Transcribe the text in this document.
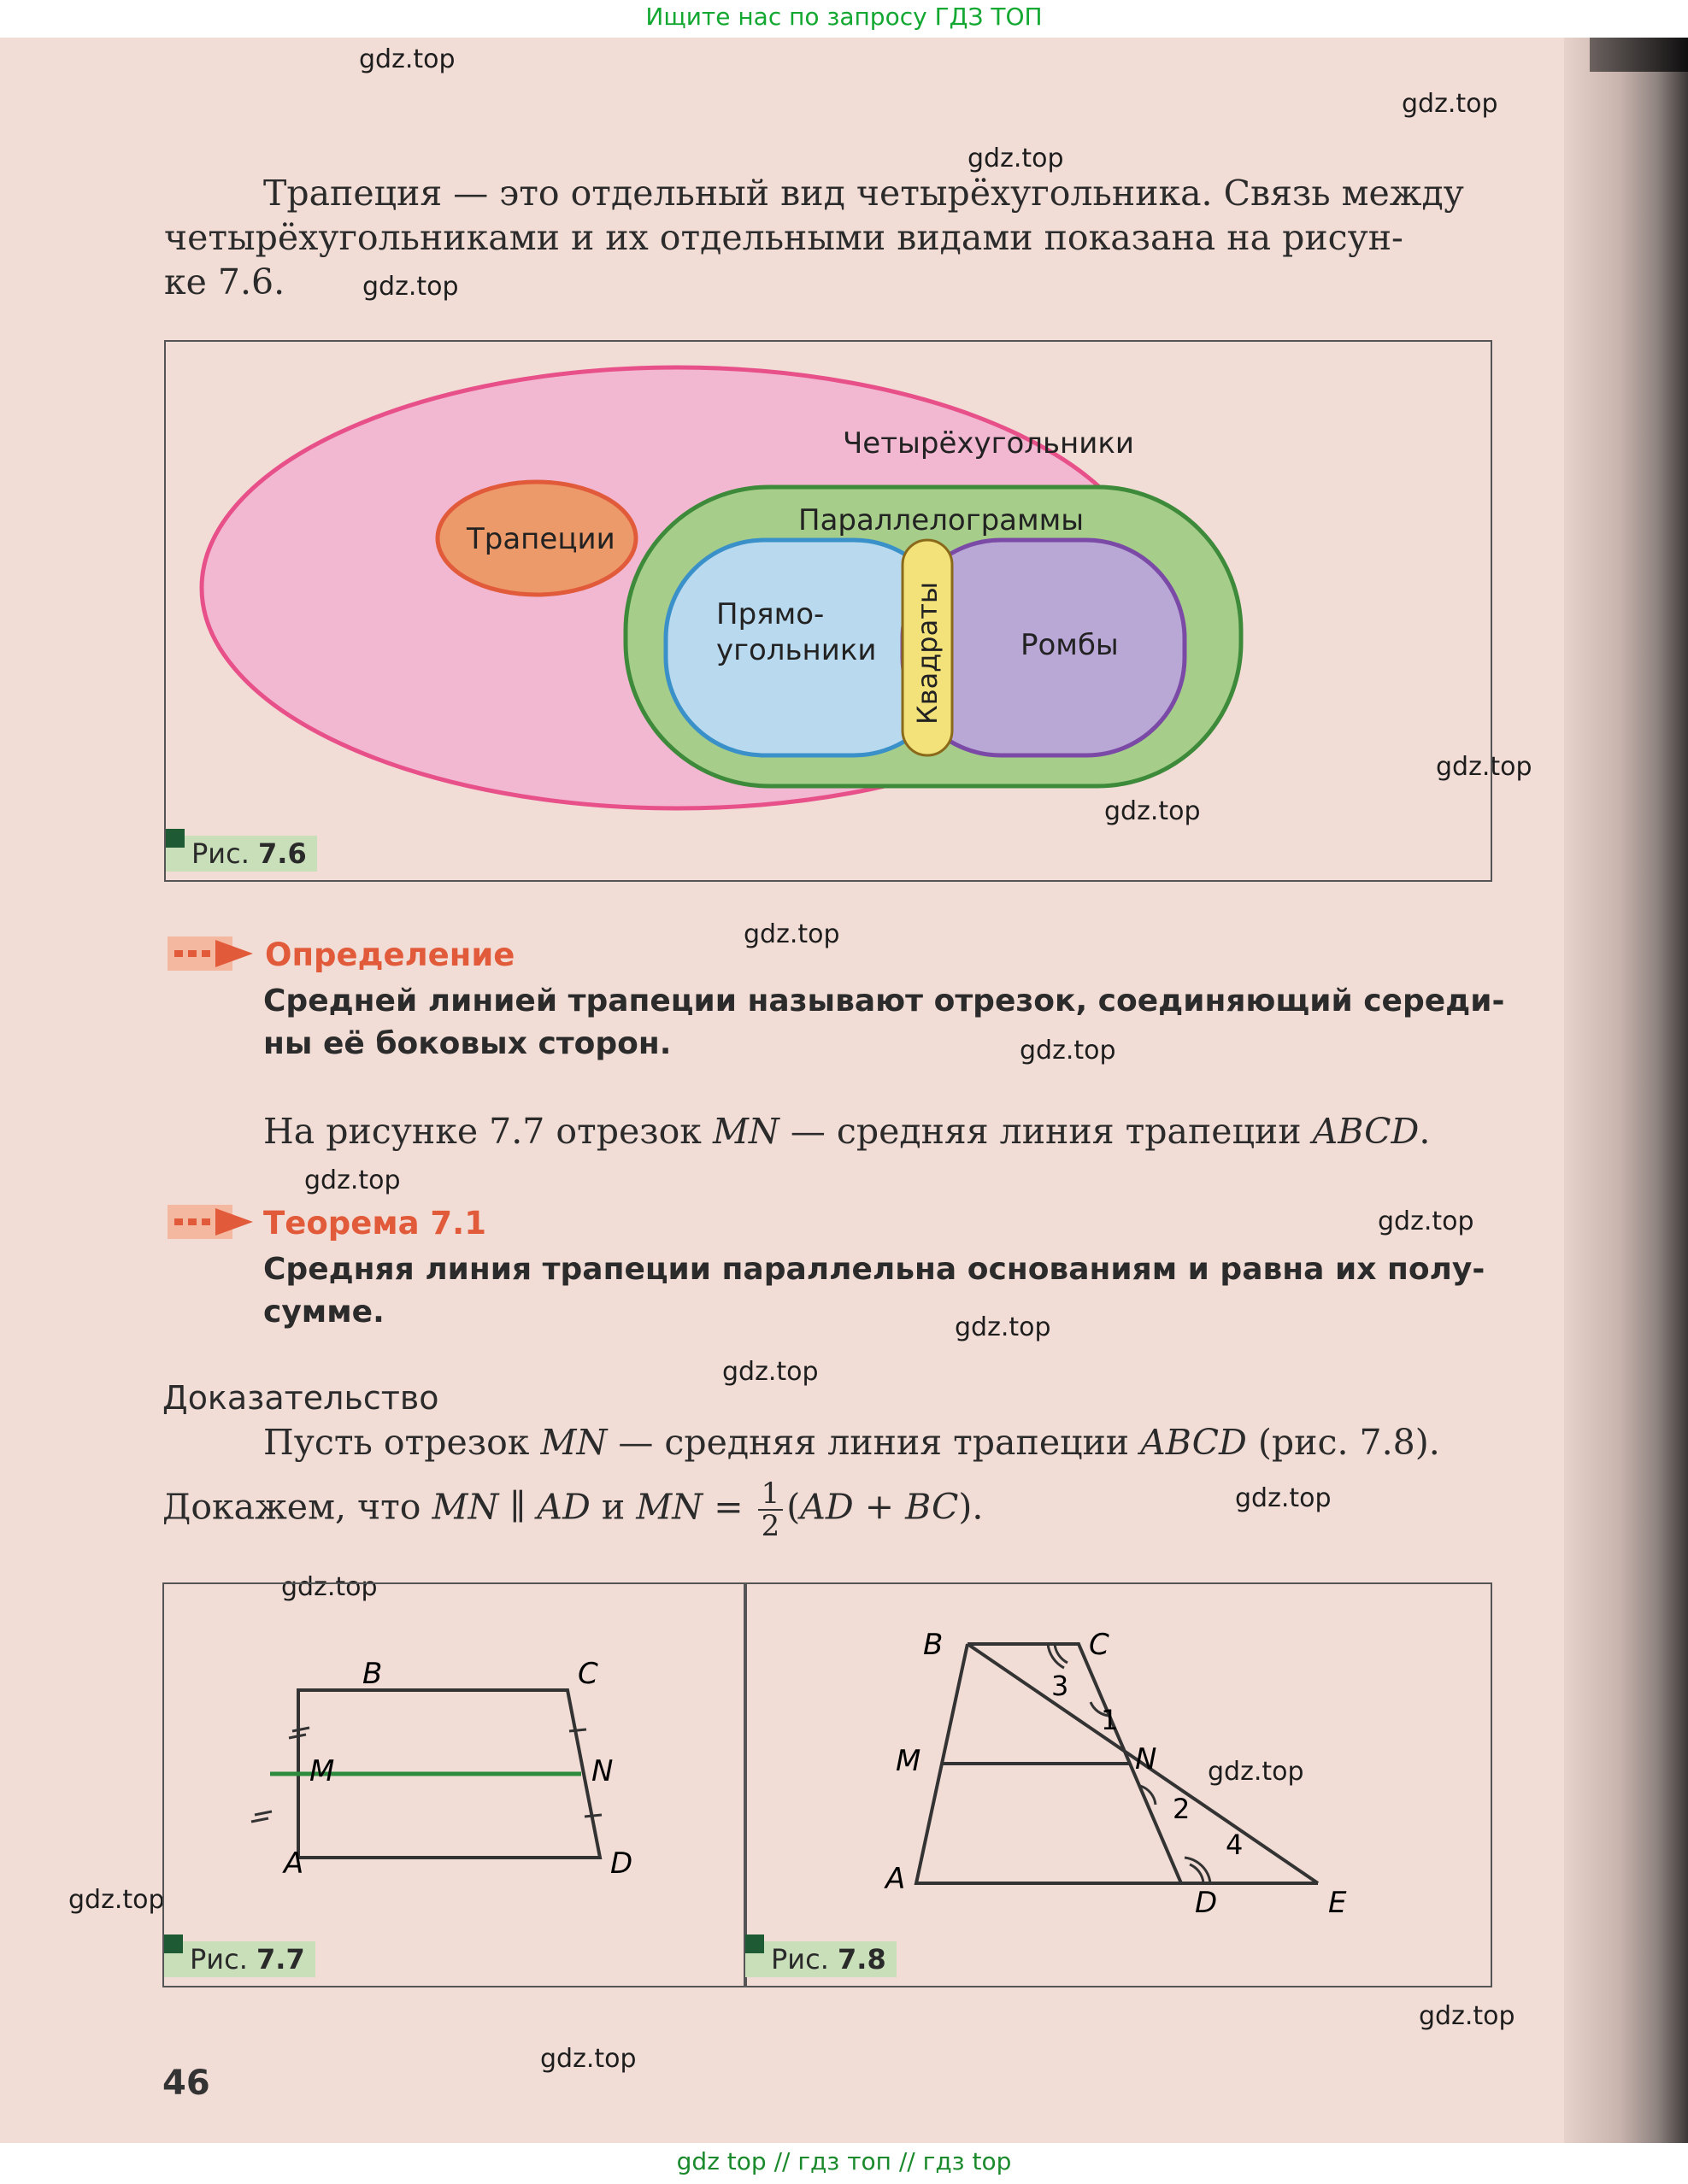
Ищите нас по запросу ГДЗ ТОП
gdz.top
gdz.top
gdz.top
gdz.top
gdz.top
gdz.top
gdz.top
gdz.top
gdz.top
gdz.top
gdz.top
gdz.top
gdz.top
gdz.top
gdz.top
gdz.top
gdz.top
gdz.top
Трапеция — это отдельный вид четырёхугольника. Связь между
четырёхугольниками и их отдельными видами показана на рисун-
ке 7.6.
Четырёхугольники
Трапеции
Параллелограммы
Прямо-
угольники	Ромбы
Квадраты
Рис. 7.6
Определение
Средней линией трапеции называют отрезок, соединяющий середи-
ны её боковых сторон.
На рисунке 7.7 отрезок MN — средняя линия трапеции ABCD.
Теорема 7.1
Средняя линия трапеции параллельна основаниям и равна их полу-
сумме.
Доказательство
Пусть отрезок MN — средняя линия трапеции ABCD (рис. 7.8).
Докажем, что MN ∥ AD и MN = $\frac{1}{2} (AD + BC)$.
B	C
M	N
A	D
Рис. 7.7
B	C
M	N
A
D	E
1
2
3
4
Рис. 7.8
46
gdz top // гдз топ // гдз top
